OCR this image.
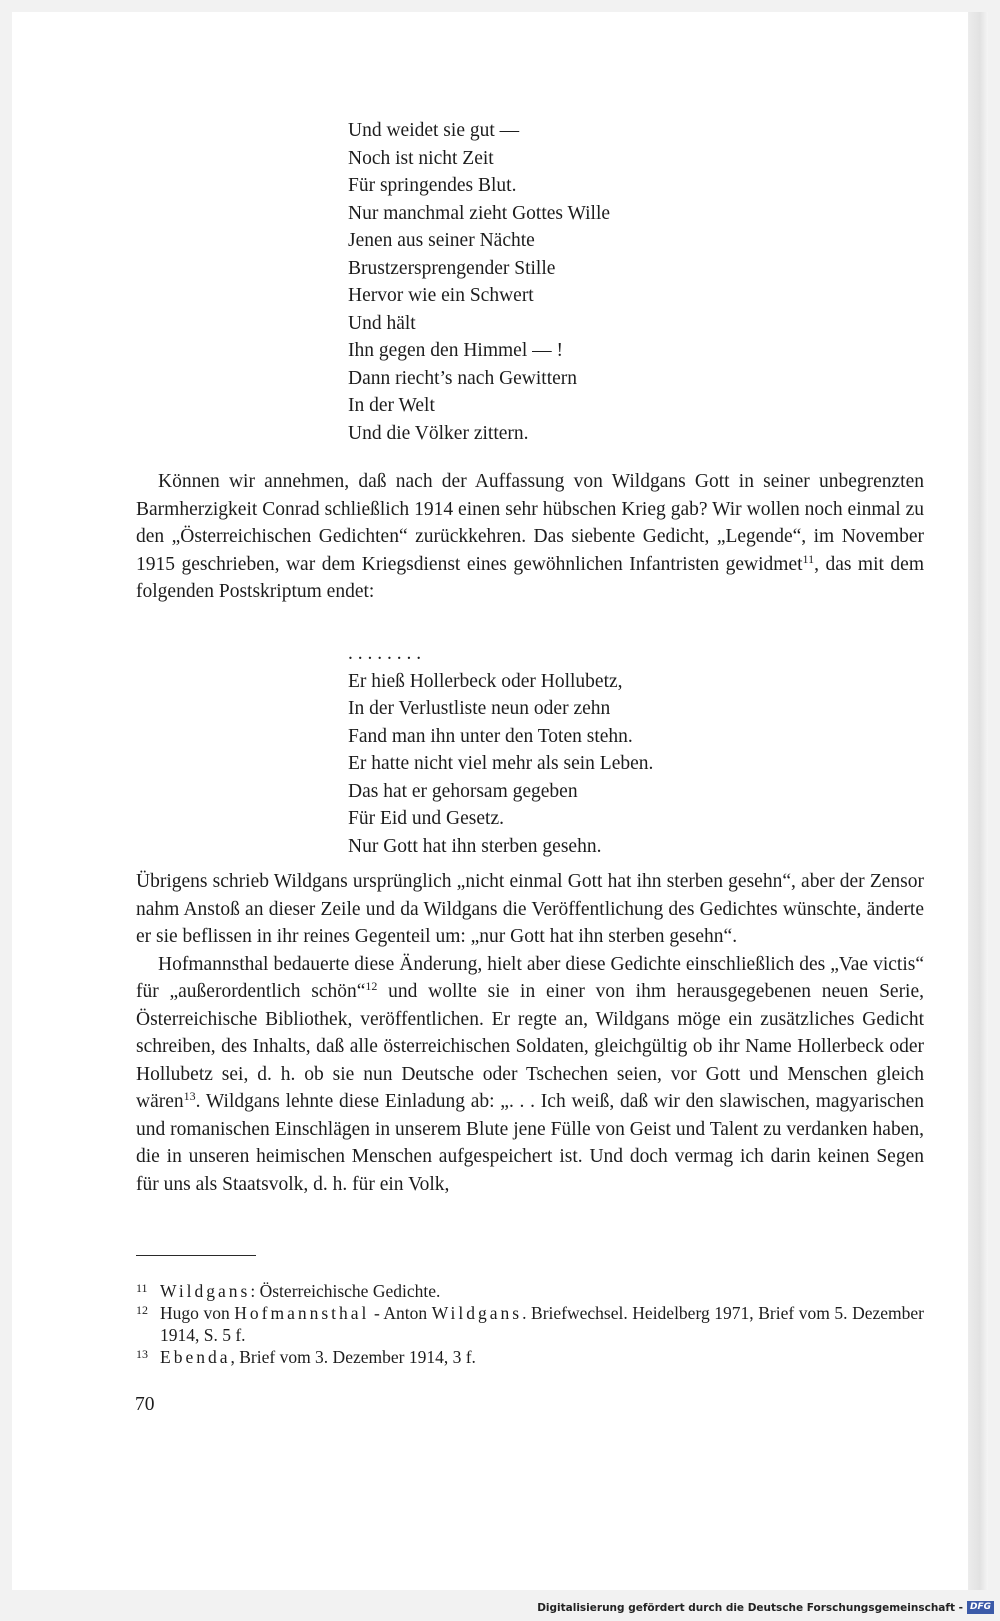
Und weidet sie gut —
Noch ist nicht Zeit
Für springendes Blut.
Nur manchmal zieht Gottes Wille
Jenen aus seiner Nächte
Brustzersprengender Stille
Hervor wie ein Schwert
Und hält
Ihn gegen den Himmel — !
Dann riecht’s nach Gewittern
In der Welt
Und die Völker zittern.

Können wir annehmen, daß nach der Auffassung von Wildgans Gott in seiner unbegrenzten Barmherzigkeit Conrad schließlich 1914 einen sehr hübschen Krieg gab? Wir wollen noch einmal zu den „Österreichischen Gedichten“ zurückkehren. Das siebente Gedicht, „Legende“, im November 1915 geschrieben, war dem Kriegsdienst eines gewöhnlichen Infantristen gewidmet$^{11}$, das mit dem folgenden Postskriptum endet:

. . . . . . . .
Er hieß Hollerbeck oder Hollubetz,
In der Verlustliste neun oder zehn
Fand man ihn unter den Toten stehn.
Er hatte nicht viel mehr als sein Leben.
Das hat er gehorsam gegeben
Für Eid und Gesetz.
Nur Gott hat ihn sterben gesehn.

Übrigens schrieb Wildgans ursprünglich „nicht einmal Gott hat ihn sterben gesehn“, aber der Zensor nahm Anstoß an dieser Zeile und da Wildgans die Veröffentlichung des Gedichtes wünschte, änderte er sie beflissen in ihr reines Gegenteil um: „nur Gott hat ihn sterben gesehn“.

Hofmannsthal bedauerte diese Änderung, hielt aber diese Gedichte einschließlich des „Vae victis“ für „außerordentlich schön“$^{12}$ und wollte sie in einer von ihm herausgegebenen neuen Serie, Österreichische Bibliothek, veröffentlichen. Er regte an, Wildgans möge ein zusätzliches Gedicht schreiben, des Inhalts, daß alle österreichischen Soldaten, gleichgültig ob ihr Name Hollerbeck oder Hollubetz sei, d. h. ob sie nun Deutsche oder Tschechen seien, vor Gott und Menschen gleich wären$^{13}$. Wildgans lehnte diese Einladung ab: „. . . Ich weiß, daß wir den slawischen, magyarischen und romanischen Einschlägen in unserem Blute jene Fülle von Geist und Talent zu verdanken haben, die in unseren heimischen Menschen aufgespeichert ist. Und doch vermag ich darin keinen Segen für uns als Staatsvolk, d. h. für ein Volk,

11 Wildgans: Österreichische Gedichte.
12 Hugo von Hofmannsthal - Anton Wildgans. Briefwechsel. Heidelberg 1971, Brief vom 5. Dezember 1914, S. 5 f.
13 Ebenda, Brief vom 3. Dezember 1914, 3 f.
70
Digitalisierung gefördert durch die Deutsche Forschungsgemeinschaft - DFG
